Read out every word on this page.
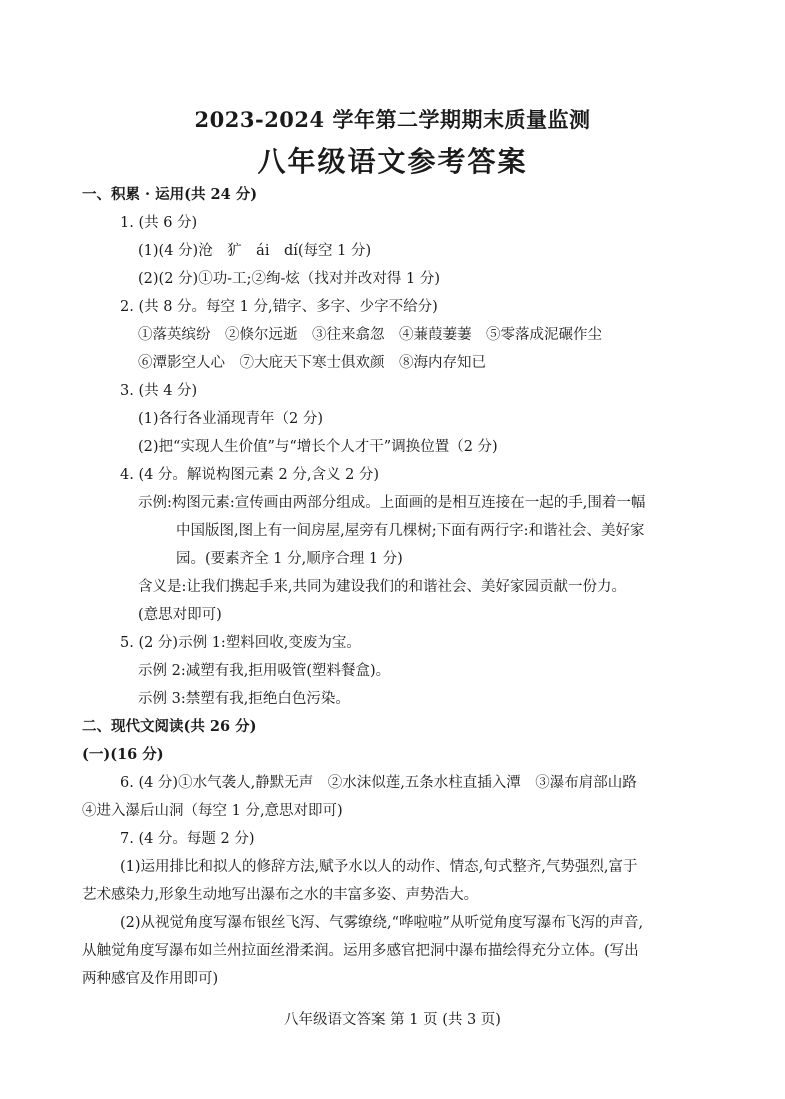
2023-2024 学年第二学期期末质量监测
八年级语文参考答案
一、积累 · 运用(共 24 分)
1. (共 6 分)
(1)(4 分)沧　犷　ái　dí(每空 1 分)
(2)(2 分)①功-工;②绚-炫（找对并改对得 1 分)
2. (共 8 分。每空 1 分,错字、多字、少字不给分)
①落英缤纷　②倏尔远逝　③往来翕忽　④蒹葭萋萋　⑤零落成泥碾作尘
⑥潭影空人心　⑦大庇天下寒士俱欢颜　⑧海内存知已
3. (共 4 分)
(1)各行各业涌现青年（2 分)
(2)把“实现人生价值”与“增长个人才干”调换位置（2 分)
4. (4 分。解说构图元素 2 分,含义 2 分)
示例:构图元素:宣传画由两部分组成。上面画的是相互连接在一起的手,围着一幅
中国版图,图上有一间房屋,屋旁有几棵树;下面有两行字:和谐社会、美好家
园。(要素齐全 1 分,顺序合理 1 分)
含义是:让我们携起手来,共同为建设我们的和谐社会、美好家园贡献一份力。
(意思对即可)
5. (2 分)示例 1:塑料回收,变废为宝。
示例 2:减塑有我,拒用吸管(塑料餐盒)。
示例 3:禁塑有我,拒绝白色污染。
二、现代文阅读(共 26 分)
(一)(16 分)
6. (4 分)①水气袭人,静默无声　②水沫似莲,五条水柱直插入潭　③瀑布肩部山路
④进入瀑后山洞（每空 1 分,意思对即可)
7. (4 分。每题 2 分)
(1)运用排比和拟人的修辞方法,赋予水以人的动作、情态,句式整齐,气势强烈,富于
艺术感染力,形象生动地写出瀑布之水的丰富多姿、声势浩大。
(2)从视觉角度写瀑布银丝飞泻、气雾缭绕,“哗啦啦”从听觉角度写瀑布飞泻的声音,
从触觉角度写瀑布如兰州拉面丝滑柔润。运用多感官把洞中瀑布描绘得充分立体。(写出
两种感官及作用即可)
八年级语文答案 第 1 页 (共 3 页)
